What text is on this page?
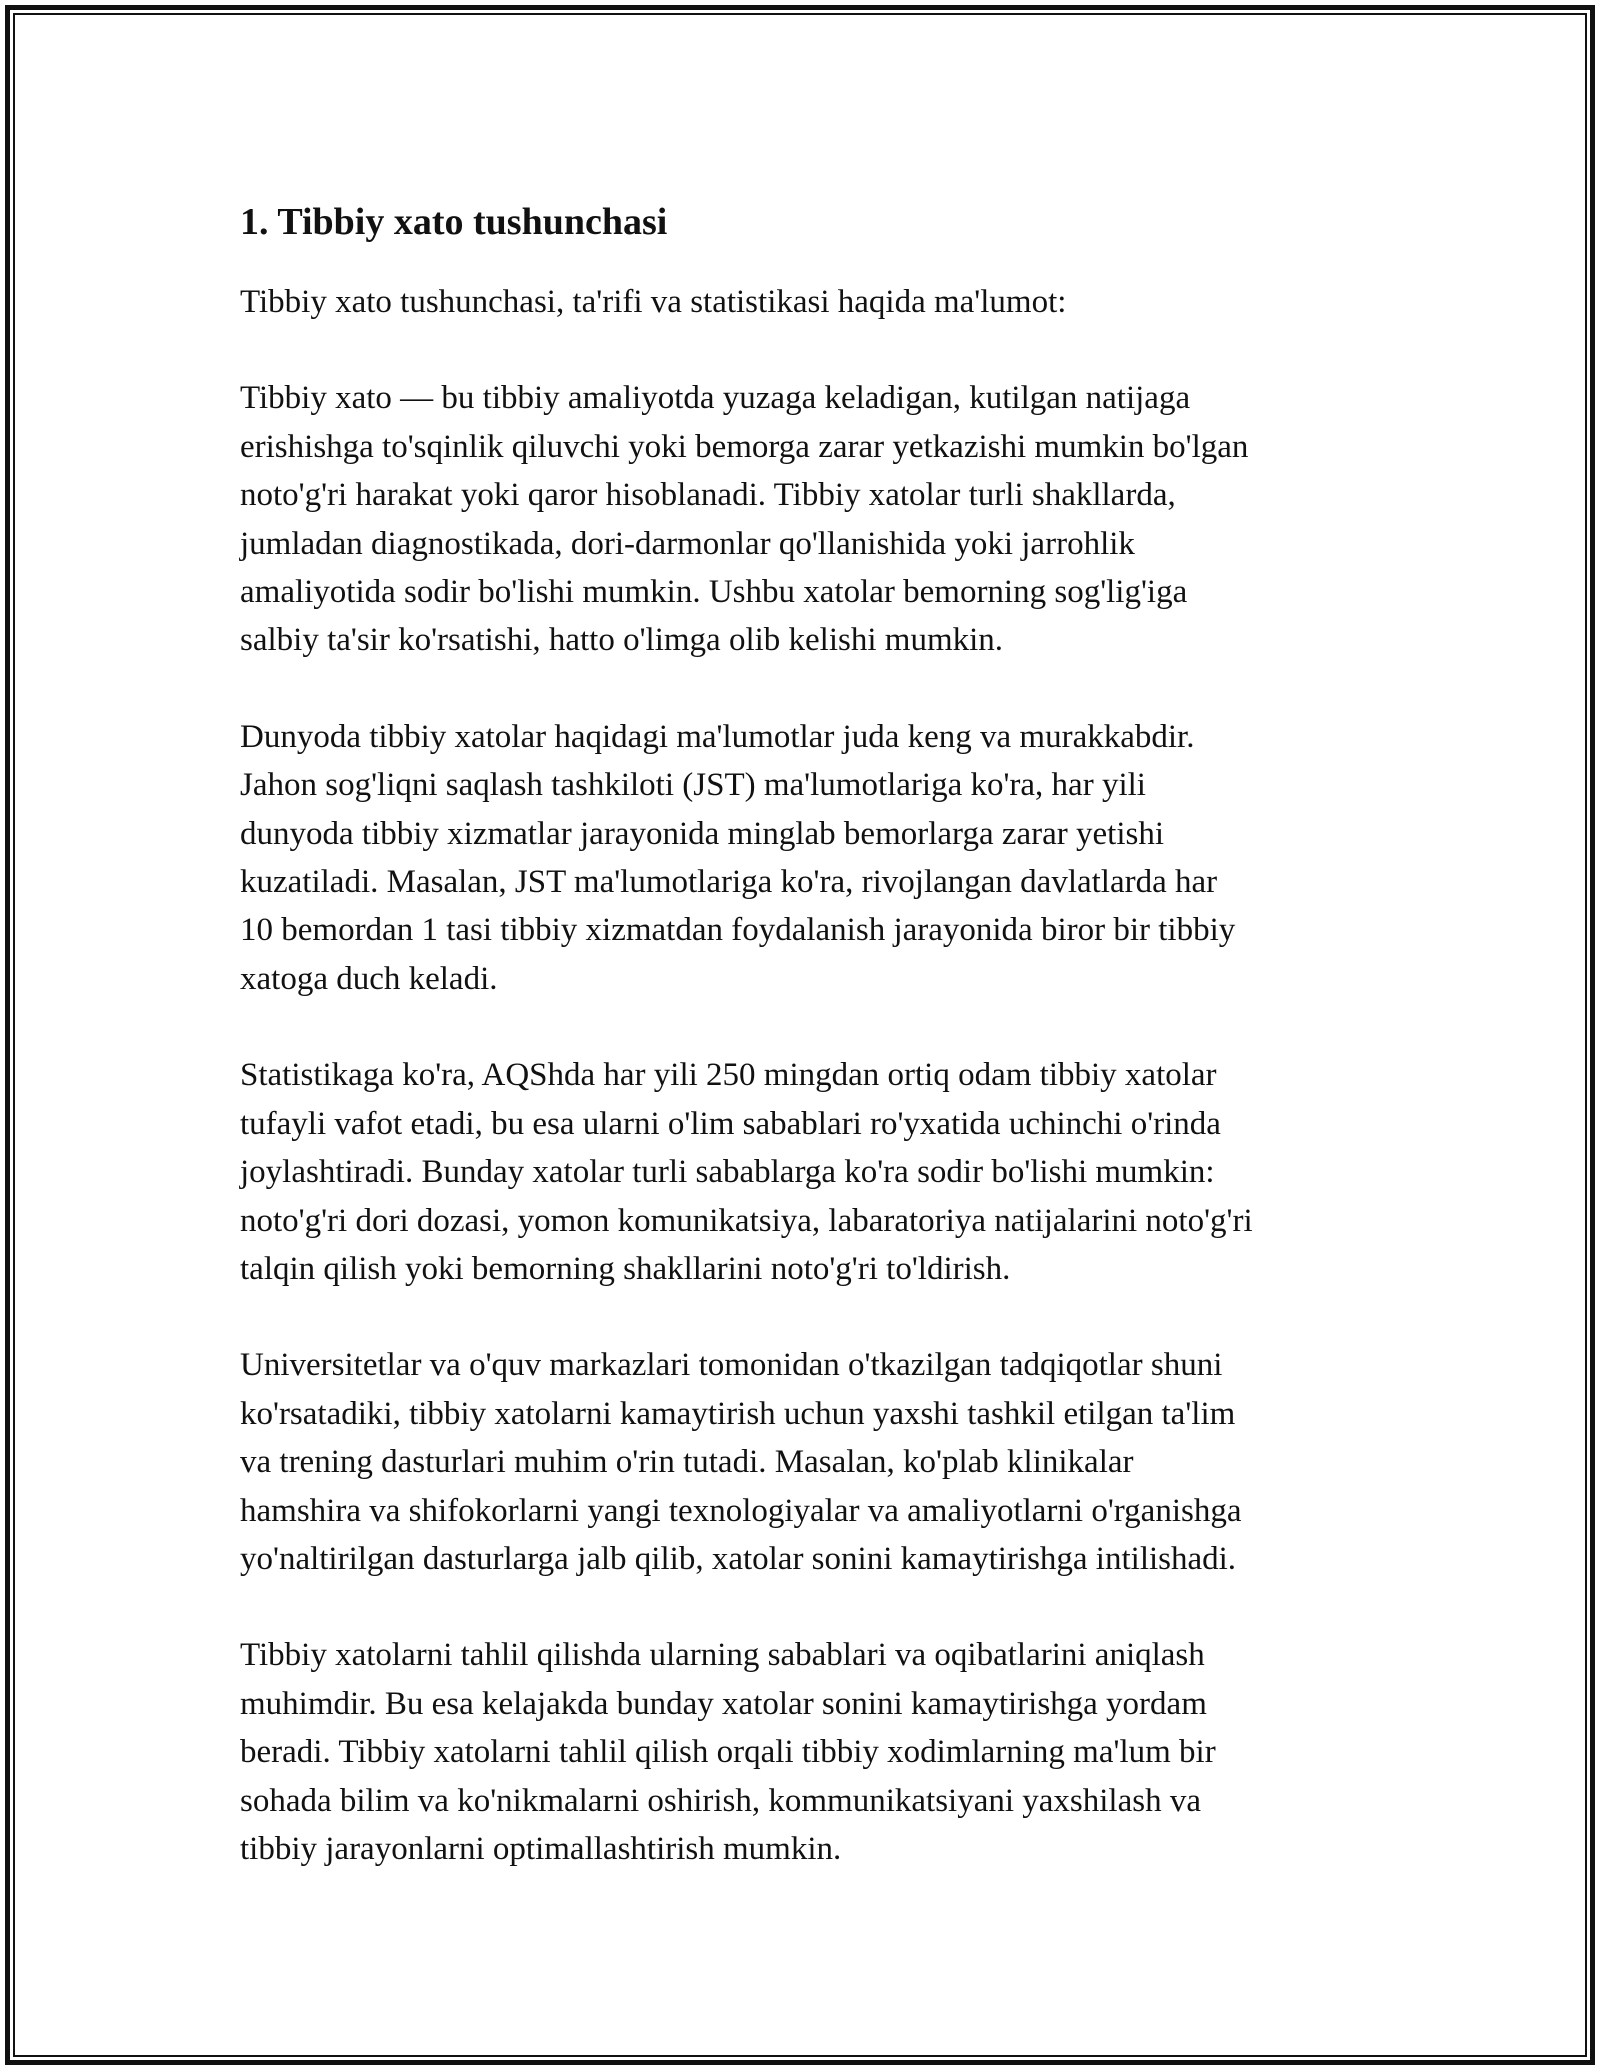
1. Tibbiy xato tushunchasi

Tibbiy xato tushunchasi, ta'rifi va statistikasi haqida ma'lumot:

Tibbiy xato — bu tibbiy amaliyotda yuzaga keladigan, kutilgan natijaga
erishishga to'sqinlik qiluvchi yoki bemorga zarar yetkazishi mumkin bo'lgan
noto'g'ri harakat yoki qaror hisoblanadi. Tibbiy xatolar turli shakllarda,
jumladan diagnostikada, dori-darmonlar qo'llanishida yoki jarrohlik
amaliyotida sodir bo'lishi mumkin. Ushbu xatolar bemorning sog'lig'iga
salbiy ta'sir ko'rsatishi, hatto o'limga olib kelishi mumkin.

Dunyoda tibbiy xatolar haqidagi ma'lumotlar juda keng va murakkabdir.
Jahon sog'liqni saqlash tashkiloti (JST) ma'lumotlariga ko'ra, har yili
dunyoda tibbiy xizmatlar jarayonida minglab bemorlarga zarar yetishi
kuzatiladi. Masalan, JST ma'lumotlariga ko'ra, rivojlangan davlatlarda har
10 bemordan 1 tasi tibbiy xizmatdan foydalanish jarayonida biror bir tibbiy
xatoga duch keladi.

Statistikaga ko'ra, AQShda har yili 250 mingdan ortiq odam tibbiy xatolar
tufayli vafot etadi, bu esa ularni o'lim sabablari ro'yxatida uchinchi o'rinda
joylashtiradi. Bunday xatolar turli sabablarga ko'ra sodir bo'lishi mumkin:
noto'g'ri dori dozasi, yomon komunikatsiya, labaratoriya natijalarini noto'g'ri
talqin qilish yoki bemorning shakllarini noto'g'ri to'ldirish.

Universitetlar va o'quv markazlari tomonidan o'tkazilgan tadqiqotlar shuni
ko'rsatadiki, tibbiy xatolarni kamaytirish uchun yaxshi tashkil etilgan ta'lim
va trening dasturlari muhim o'rin tutadi. Masalan, ko'plab klinikalar
hamshira va shifokorlarni yangi texnologiyalar va amaliyotlarni o'rganishga
yo'naltirilgan dasturlarga jalb qilib, xatolar sonini kamaytirishga intilishadi.

Tibbiy xatolarni tahlil qilishda ularning sabablari va oqibatlarini aniqlash
muhimdir. Bu esa kelajakda bunday xatolar sonini kamaytirishga yordam
beradi. Tibbiy xatolarni tahlil qilish orqali tibbiy xodimlarning ma'lum bir
sohada bilim va ko'nikmalarni oshirish, kommunikatsiyani yaxshilash va
tibbiy jarayonlarni optimallashtirish mumkin.
